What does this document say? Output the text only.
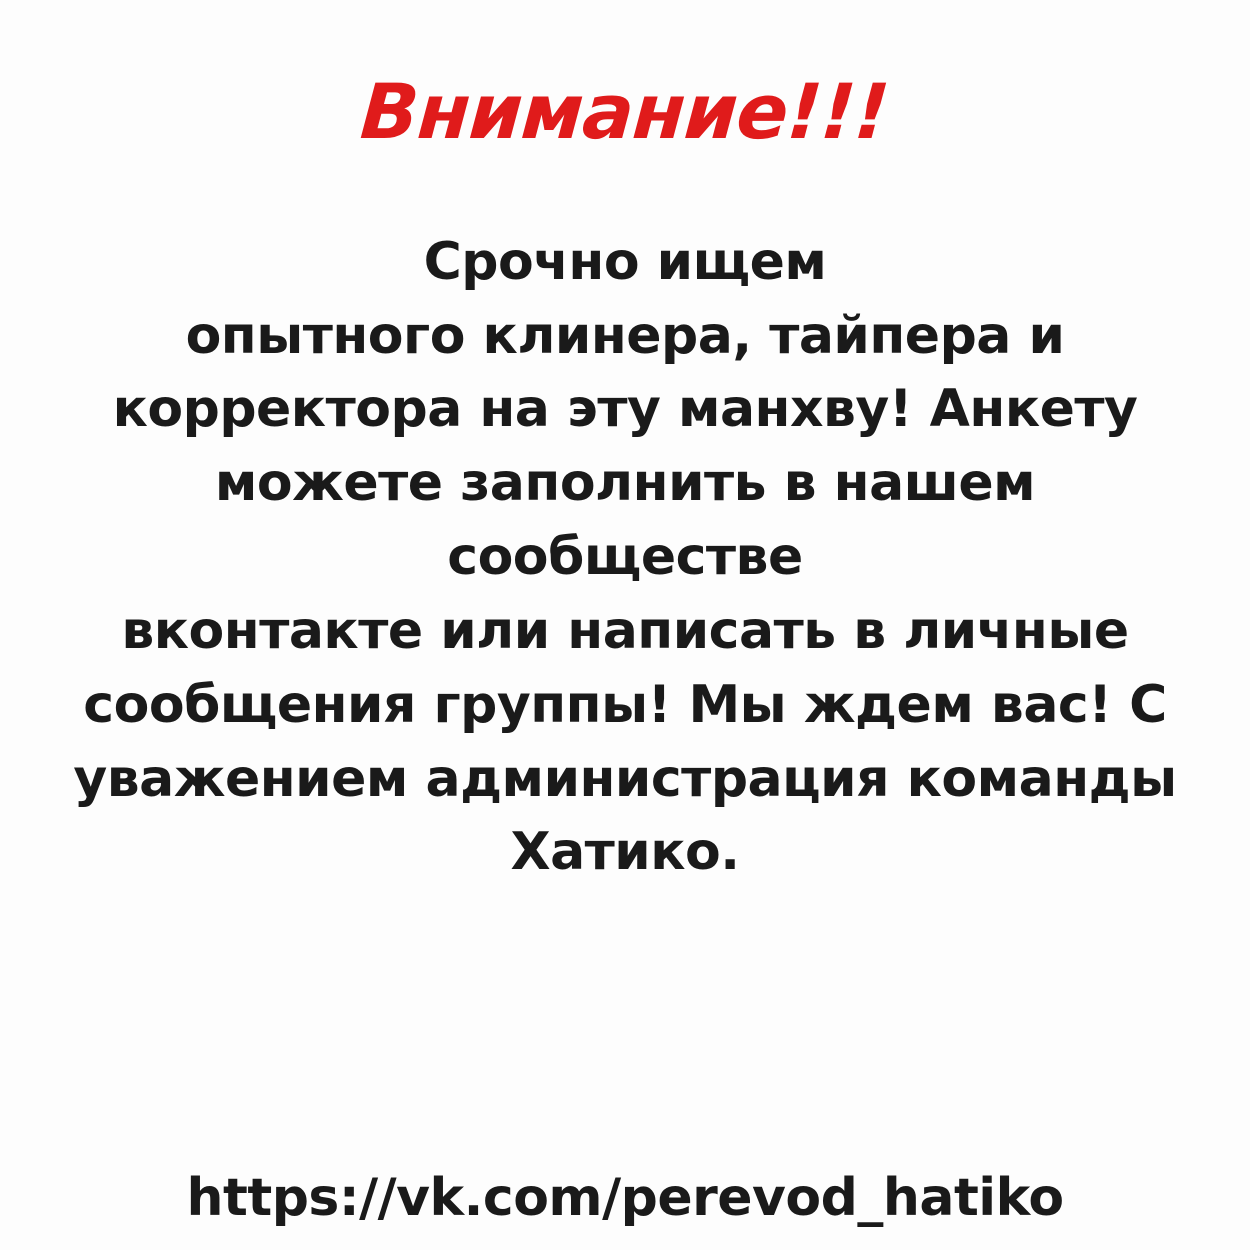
Внимание!!!
Срочно ищем
опытного клинера, тайпера и
корректора на эту манхву! Анкету
можете заполнить в нашем сообществе
вконтакте или написать в личные
сообщения группы! Мы ждем вас! С
уважением администрация команды
Хатико.
https://vk.com/perevod_hatiko
